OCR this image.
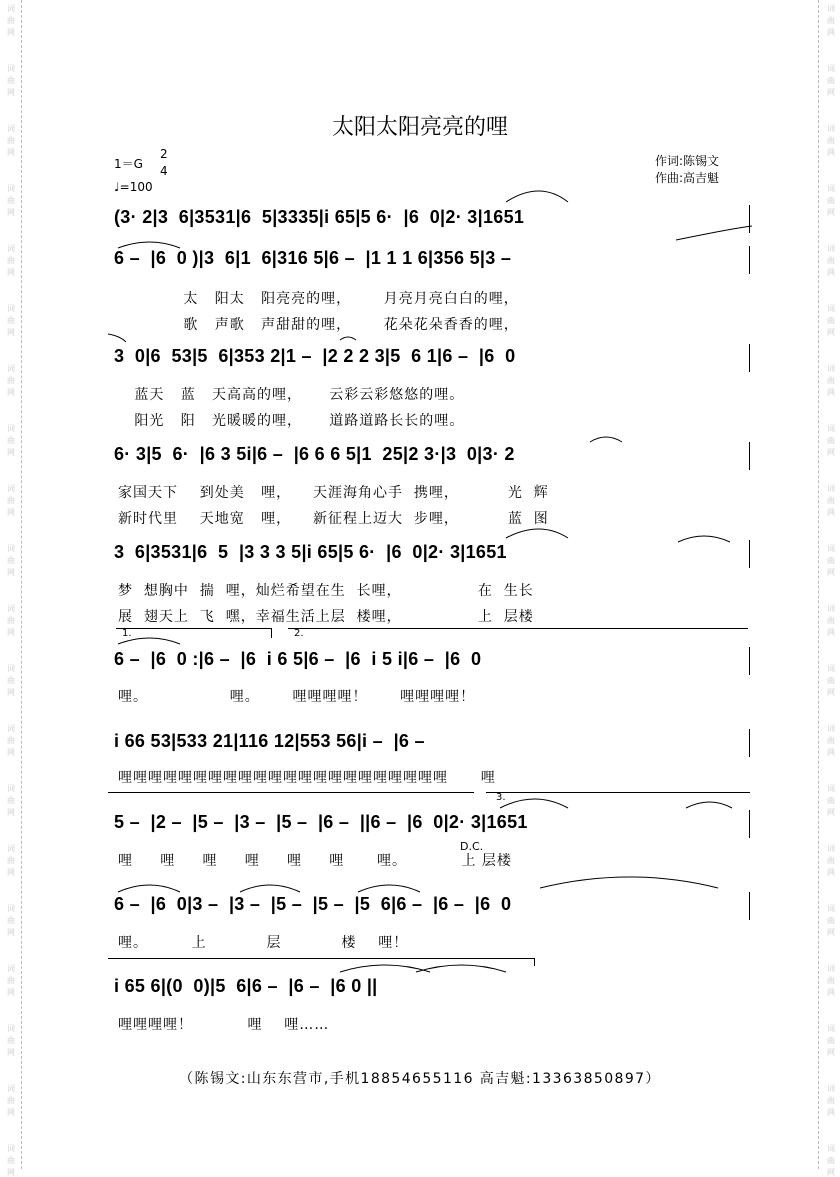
词
曲
网
词
曲
网
词
曲
网
词
曲
网
词
曲
网
词
曲
网
词
曲
网
词
曲
网
词
曲
网
词
曲
网
词
曲
网
词
曲
网
词
曲
网
词
曲
网
词
曲
网
词
曲
网
词
曲
网
词
曲
网
词
曲
网
词
曲
网
词
曲
网
词
曲
网
词
曲
网
词
曲
网
词
曲
网
词
曲
网
词
曲
网
词
曲
网
词
曲
网
词
曲
网
词
曲
网
词
曲
网
词
曲
网
词
曲
网
词
曲
网
词
曲
网
词
曲
网
词
曲
网
词
曲
网
词
曲
网
太阳太阳亮亮的哩
1＝G
2
4
♩=100
作词:陈锡文
作曲:高吉魁
(3· 2|3  6|3531|6  5|3335|i 65|5 6·  |6  0|2· 3|1651
6 –  |6  0 )|3  6|1  6|316 5|6 –  |1 1 1 6|356 5|3 –
3  0|6  53|5  6|353 2|1 –  |2 2 2 3|5  6 1|6 –  |6  0
6· 3|5  6·  |6 3 5i|6 –  |6 6 6 5|1  25|2 3·|3  0|3· 2
3  6|3531|6  5  |3 3 3 5|i 65|5 6·  |6  0|2· 3|1651
6 –  |6  0 :|6 –  |6  i 6 5|6 –  |6  i 5 i|6 –  |6  0
i 66 53|533 21|116 12|553 56|i –  |6 –
5 –  |2 –  |5 –  |3 –  |5 –  |6 –  ||6 –  |6  0|2· 3|1651
6 –  |6  0|3 –  |3 –  |5 –  |5 –  |5  6|6 –  |6 –  |6  0
i 65 6|(0  0)|5  6|6 –  |6 –  |6 0 ||
太   阳太   阳亮亮的哩，      月亮月亮白白的哩，
歌   声歌   声甜甜的哩，      花朵花朵香香的哩，
蓝天   蓝   天高高的哩，     云彩云彩悠悠的哩。
阳光   阳   光暖暖的哩，     道路道路长长的哩。
家国天下    到处美   哩，    天涯海角心手  携哩，         光  辉
新时代里    天地宽   哩，    新征程上迈大  步哩，         蓝  图
梦  想胸中  揣  哩，灿烂希望在生  长哩，              在  生长
展  翅天上  飞  嘿，幸福生活上层  楼哩，              上  层楼
哩。               哩。      哩哩哩哩！      哩哩哩哩！
哩哩哩哩哩哩哩哩哩哩哩哩哩哩哩哩哩哩哩哩哩哩      哩
哩     哩     哩     哩     哩     哩      哩。          上 层楼
哩。        上           层           楼    哩！
哩哩哩哩！          哩    哩……
1.	2.
3.
D.C.
（陈锡文:山东东营市,手机18854655116 高吉魁:13363850897）
